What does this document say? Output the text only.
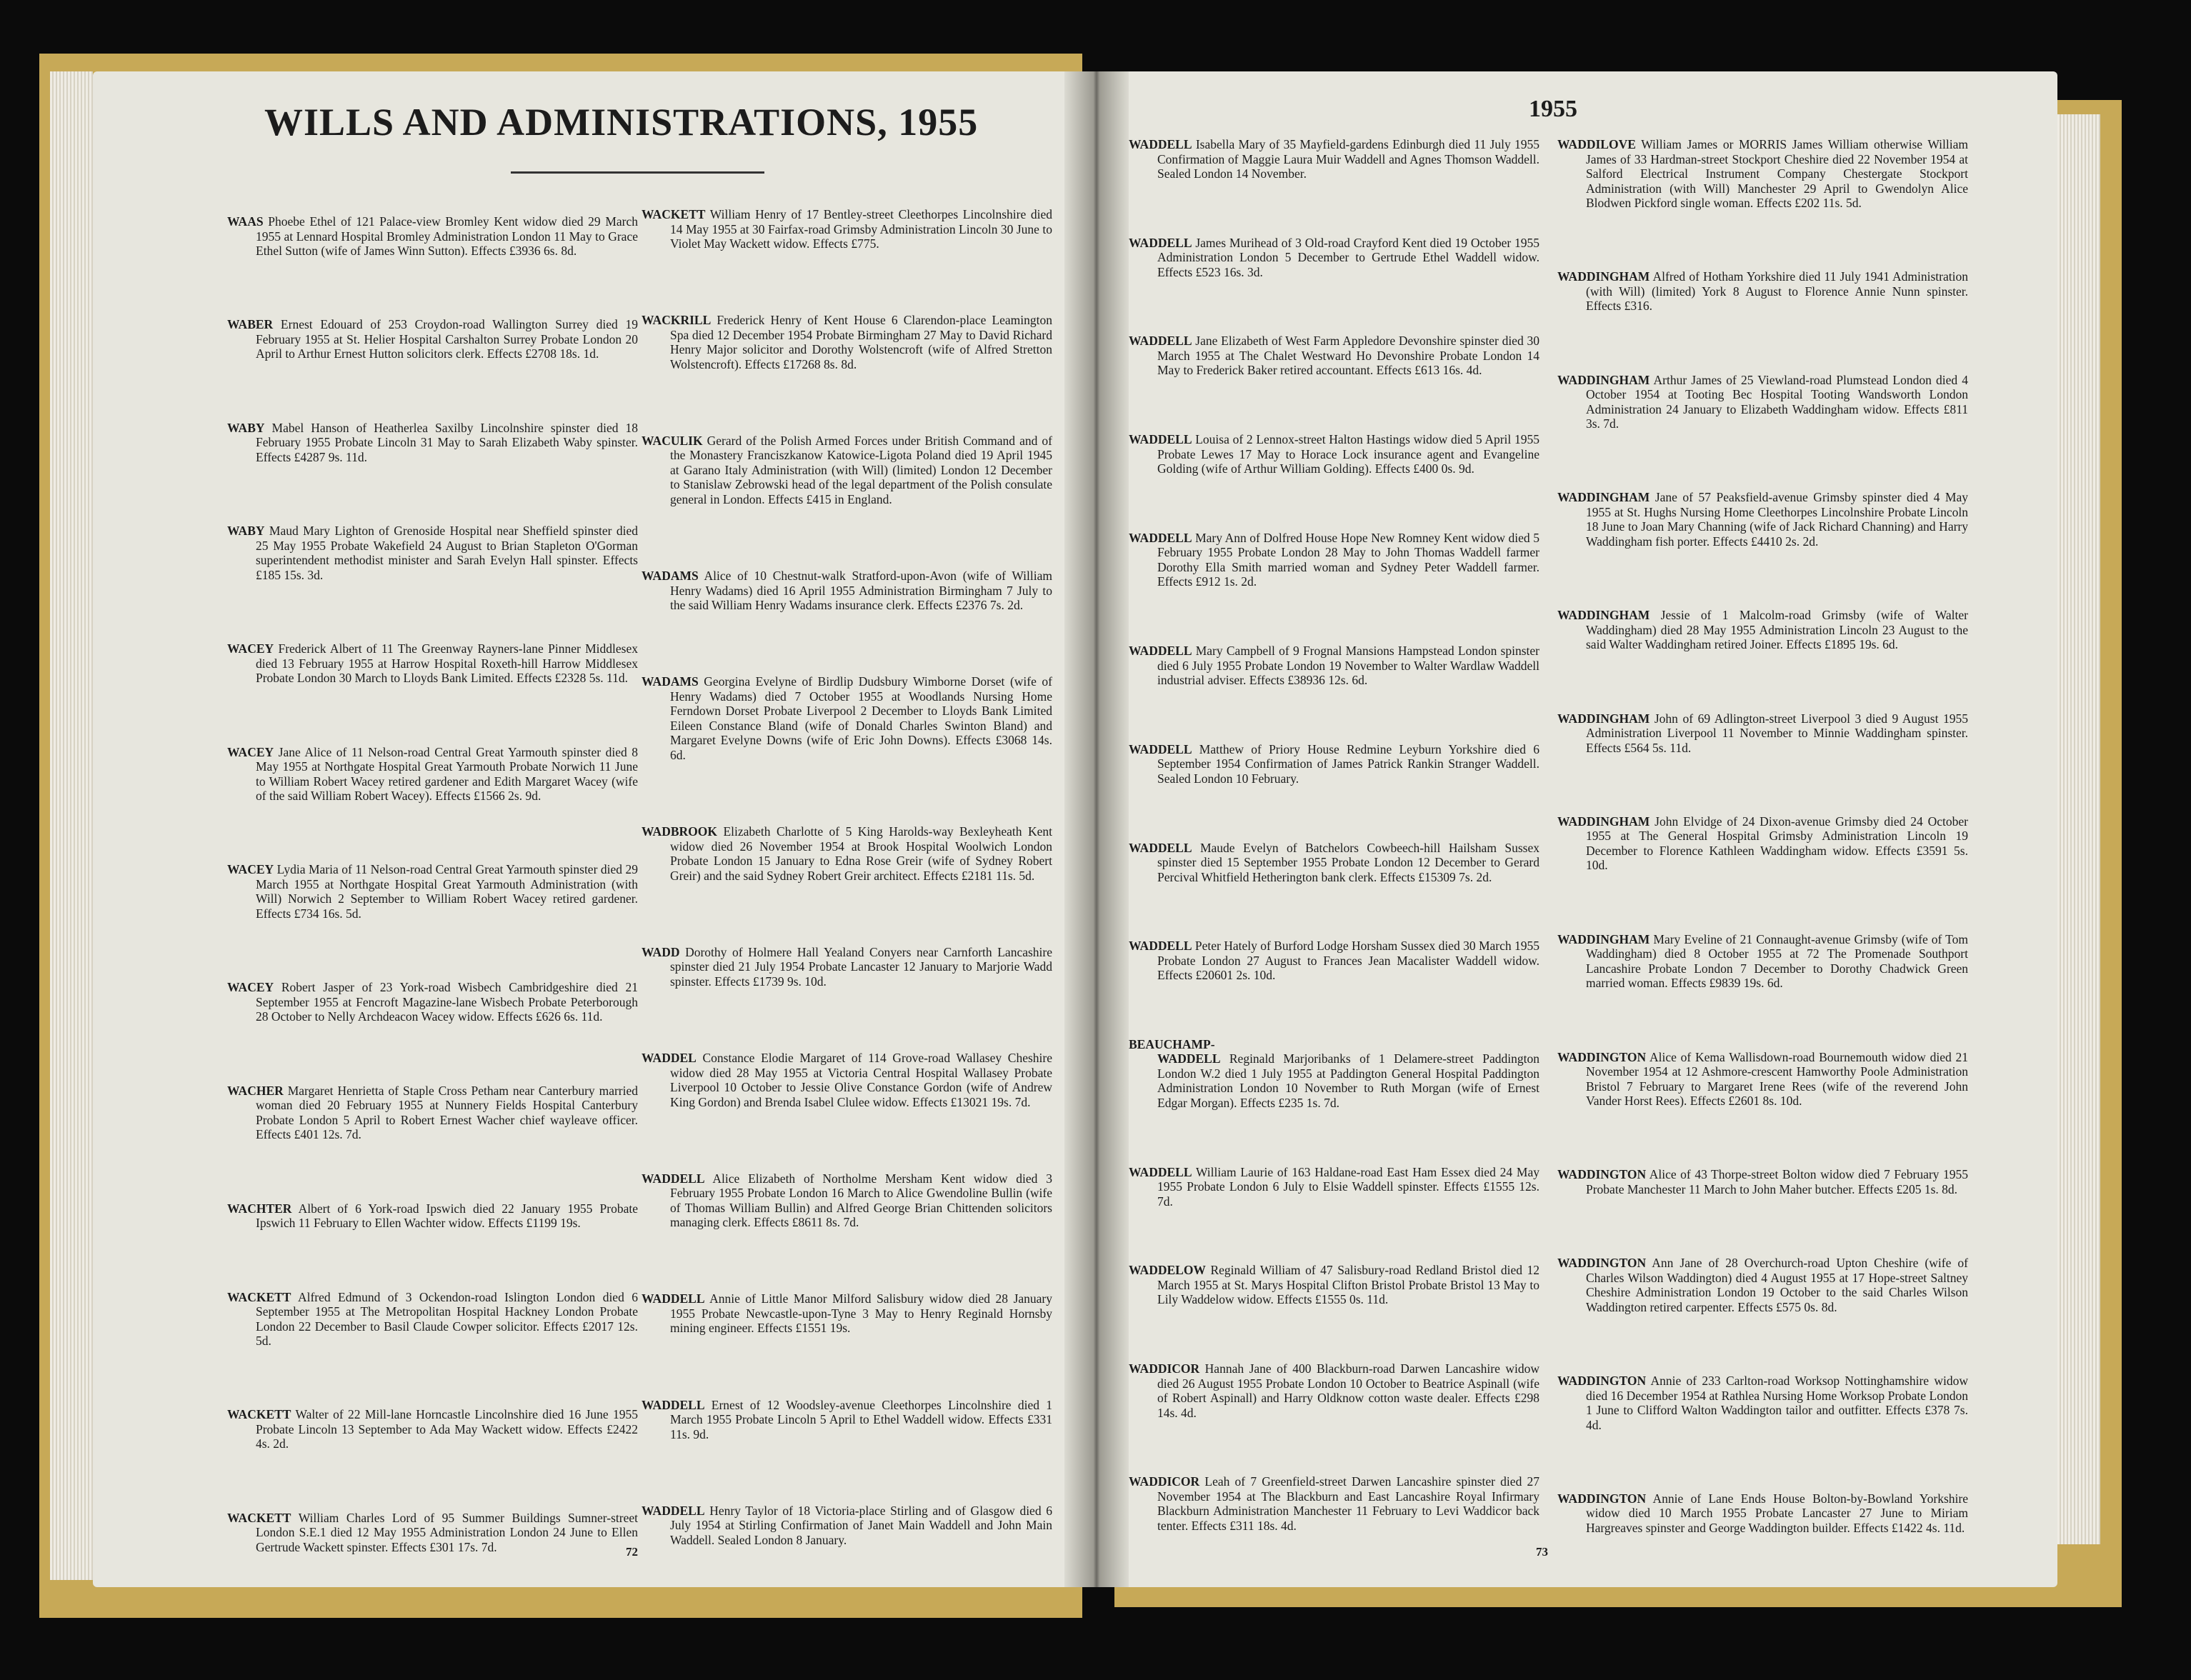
WILLS AND ADMINISTRATIONS, 1955	1955

WAAS Phoebe Ethel of 121 Palace-view Bromley Kent widow died 29 March 1955 at Lennard Hospital Bromley Administration London 11 May to Grace Ethel Sutton (wife of James Winn Sutton). Effects £3936 6s. 8d.

WABER Ernest Edouard of 253 Croydon-road Wallington Surrey died 19 February 1955 at St. Helier Hospital Carshalton Surrey Probate London 20 April to Arthur Ernest Hutton solicitors clerk. Effects £2708 18s. 1d.

WABY Mabel Hanson of Heatherlea Saxilby Lincolnshire spinster died 18 February 1955 Probate Lincoln 31 May to Sarah Elizabeth Waby spinster. Effects £4287 9s. 11d.

WABY Maud Mary Lighton of Grenoside Hospital near Sheffield spinster died 25 May 1955 Probate Wakefield 24 August to Brian Stapleton O'Gorman superintendent methodist minister and Sarah Evelyn Hall spinster. Effects £185 15s. 3d.

WACEY Frederick Albert of 11 The Greenway Rayners-lane Pinner Middlesex died 13 February 1955 at Harrow Hospital Roxeth-hill Harrow Middlesex Probate London 30 March to Lloyds Bank Limited. Effects £2328 5s. 11d.

WACEY Jane Alice of 11 Nelson-road Central Great Yarmouth spinster died 8 May 1955 at Northgate Hospital Great Yarmouth Probate Norwich 11 June to William Robert Wacey retired gardener and Edith Margaret Wacey (wife of the said William Robert Wacey). Effects £1566 2s. 9d.

WACEY Lydia Maria of 11 Nelson-road Central Great Yarmouth spinster died 29 March 1955 at Northgate Hospital Great Yarmouth Administration (with Will) Norwich 2 September to William Robert Wacey retired gardener. Effects £734 16s. 5d.

WACEY Robert Jasper of 23 York-road Wisbech Cambridgeshire died 21 September 1955 at Fencroft Magazine-lane Wisbech Probate Peterborough 28 October to Nelly Archdeacon Wacey widow. Effects £626 6s. 11d.

WACHER Margaret Henrietta of Staple Cross Petham near Canterbury married woman died 20 February 1955 at Nunnery Fields Hospital Canterbury Probate London 5 April to Robert Ernest Wacher chief wayleave officer. Effects £401 12s. 7d.

WACHTER Albert of 6 York-road Ipswich died 22 January 1955 Probate Ipswich 11 February to Ellen Wachter widow. Effects £1199 19s.

WACKETT Alfred Edmund of 3 Ockendon-road Islington London died 6 September 1955 at The Metropolitan Hospital Hackney London Probate London 22 December to Basil Claude Cowper solicitor. Effects £2017 12s. 5d.

WACKETT Walter of 22 Mill-lane Horncastle Lincolnshire died 16 June 1955 Probate Lincoln 13 September to Ada May Wackett widow. Effects £2422 4s. 2d.

WACKETT William Charles Lord of 95 Summer Buildings Sumner-street London S.E.1 died 12 May 1955 Administration London 24 June to Ellen Gertrude Wackett spinster. Effects £301 17s. 7d.

WACKETT William Henry of 17 Bentley-street Cleethorpes Lincolnshire died 14 May 1955 at 30 Fairfax-road Grimsby Administration Lincoln 30 June to Violet May Wackett widow. Effects £775.

WACKRILL Frederick Henry of Kent House 6 Clarendon-place Leamington Spa died 12 December 1954 Probate Birmingham 27 May to David Richard Henry Major solicitor and Dorothy Wolstencroft (wife of Alfred Stretton Wolstencroft). Effects £17268 8s. 8d.

WACULIK Gerard of the Polish Armed Forces under British Command and of the Monastery Franciszkanow Katowice-Ligota Poland died 19 April 1945 at Garano Italy Administration (with Will) (limited) London 12 December to Stanislaw Zebrowski head of the legal department of the Polish consulate general in London. Effects £415 in England.

WADAMS Alice of 10 Chestnut-walk Stratford-upon-Avon (wife of William Henry Wadams) died 16 April 1955 Administration Birmingham 7 July to the said William Henry Wadams insurance clerk. Effects £2376 7s. 2d.

WADAMS Georgina Evelyne of Birdlip Dudsbury Wimborne Dorset (wife of Henry Wadams) died 7 October 1955 at Woodlands Nursing Home Ferndown Dorset Probate Liverpool 2 December to Lloyds Bank Limited Eileen Constance Bland (wife of Donald Charles Swinton Bland) and Margaret Evelyne Downs (wife of Eric John Downs). Effects £3068 14s. 6d.

WADBROOK Elizabeth Charlotte of 5 King Harolds-way Bexleyheath Kent widow died 26 November 1954 at Brook Hospital Woolwich London Probate London 15 January to Edna Rose Greir (wife of Sydney Robert Greir) and the said Sydney Robert Greir architect. Effects £2181 11s. 5d.

WADD Dorothy of Holmere Hall Yealand Conyers near Carnforth Lancashire spinster died 21 July 1954 Probate Lancaster 12 January to Marjorie Wadd spinster. Effects £1739 9s. 10d.

WADDEL Constance Elodie Margaret of 114 Grove-road Wallasey Cheshire widow died 28 May 1955 at Victoria Central Hospital Wallasey Probate Liverpool 10 October to Jessie Olive Constance Gordon (wife of Andrew King Gordon) and Brenda Isabel Clulee widow. Effects £13021 19s. 7d.

WADDELL Alice Elizabeth of Northolme Mersham Kent widow died 3 February 1955 Probate London 16 March to Alice Gwendoline Bullin (wife of Thomas William Bullin) and Alfred George Brian Chittenden solicitors managing clerk. Effects £8611 8s. 7d.

WADDELL Annie of Little Manor Milford Salisbury widow died 28 January 1955 Probate Newcastle-upon-Tyne 3 May to Henry Reginald Hornsby mining engineer. Effects £1551 19s.

WADDELL Ernest of 12 Woodsley-avenue Cleethorpes Lincolnshire died 1 March 1955 Probate Lincoln 5 April to Ethel Waddell widow. Effects £331 11s. 9d.

WADDELL Henry Taylor of 18 Victoria-place Stirling and of Glasgow died 6 July 1954 at Stirling Confirmation of Janet Main Waddell and John Main Waddell. Sealed London 8 January.

WADDELL Isabella Mary of 35 Mayfield-gardens Edinburgh died 11 July 1955 Confirmation of Maggie Laura Muir Waddell and Agnes Thomson Waddell. Sealed London 14 November.

WADDELL James Murihead of 3 Old-road Crayford Kent died 19 October 1955 Administration London 5 December to Gertrude Ethel Waddell widow. Effects £523 16s. 3d.

WADDELL Jane Elizabeth of West Farm Appledore Devonshire spinster died 30 March 1955 at The Chalet Westward Ho Devonshire Probate London 14 May to Frederick Baker retired accountant. Effects £613 16s. 4d.

WADDELL Louisa of 2 Lennox-street Halton Hastings widow died 5 April 1955 Probate Lewes 17 May to Horace Lock insurance agent and Evangeline Golding (wife of Arthur William Golding). Effects £400 0s. 9d.

WADDELL Mary Ann of Dolfred House Hope New Romney Kent widow died 5 February 1955 Probate London 28 May to John Thomas Waddell farmer Dorothy Ella Smith married woman and Sydney Peter Waddell farmer. Effects £912 1s. 2d.

WADDELL Mary Campbell of 9 Frognal Mansions Hampstead London spinster died 6 July 1955 Probate London 19 November to Walter Wardlaw Waddell industrial adviser. Effects £38936 12s. 6d.

WADDELL Matthew of Priory House Redmine Leyburn Yorkshire died 6 September 1954 Confirmation of James Patrick Rankin Stranger Waddell. Sealed London 10 February.

WADDELL Maude Evelyn of Batchelors Cowbeech-hill Hailsham Sussex spinster died 15 September 1955 Probate London 12 December to Gerard Percival Whitfield Hetherington bank clerk. Effects £15309 7s. 2d.

WADDELL Peter Hately of Burford Lodge Horsham Sussex died 30 March 1955 Probate London 27 August to Frances Jean Macalister Waddell widow. Effects £20601 2s. 10d.

BEAUCHAMP-
WADDELL Reginald Marjoribanks of 1 Delamere-street Paddington London W.2 died 1 July 1955 at Paddington General Hospital Paddington Administration London 10 November to Ruth Morgan (wife of Ernest Edgar Morgan). Effects £235 1s. 7d.

WADDELL William Laurie of 163 Haldane-road East Ham Essex died 24 May 1955 Probate London 6 July to Elsie Waddell spinster. Effects £1555 12s. 7d.

WADDELOW Reginald William of 47 Salisbury-road Redland Bristol died 12 March 1955 at St. Marys Hospital Clifton Bristol Probate Bristol 13 May to Lily Waddelow widow. Effects £1555 0s. 11d.

WADDICOR Hannah Jane of 400 Blackburn-road Darwen Lancashire widow died 26 August 1955 Probate London 10 October to Beatrice Aspinall (wife of Robert Aspinall) and Harry Oldknow cotton waste dealer. Effects £298 14s. 4d.

WADDICOR Leah of 7 Greenfield-street Darwen Lancashire spinster died 27 November 1954 at The Blackburn and East Lancashire Royal Infirmary Blackburn Administration Manchester 11 February to Levi Waddicor back tenter. Effects £311 18s. 4d.

WADDILOVE William James or MORRIS James William otherwise William James of 33 Hardman-street Stockport Cheshire died 22 November 1954 at Salford Electrical Instrument Company Chestergate Stockport Administration (with Will) Manchester 29 April to Gwendolyn Alice Blodwen Pickford single woman. Effects £202 11s. 5d.

WADDINGHAM Alfred of Hotham Yorkshire died 11 July 1941 Administration (with Will) (limited) York 8 August to Florence Annie Nunn spinster. Effects £316.

WADDINGHAM Arthur James of 25 Viewland-road Plumstead London died 4 October 1954 at Tooting Bec Hospital Tooting Wandsworth London Administration 24 January to Elizabeth Waddingham widow. Effects £811 3s. 7d.

WADDINGHAM Jane of 57 Peaksfield-avenue Grimsby spinster died 4 May 1955 at St. Hughs Nursing Home Cleethorpes Lincolnshire Probate Lincoln 18 June to Joan Mary Channing (wife of Jack Richard Channing) and Harry Waddingham fish porter. Effects £4410 2s. 2d.

WADDINGHAM Jessie of 1 Malcolm-road Grimsby (wife of Walter Waddingham) died 28 May 1955 Administration Lincoln 23 August to the said Walter Waddingham retired Joiner. Effects £1895 19s. 6d.

WADDINGHAM John of 69 Adlington-street Liverpool 3 died 9 August 1955 Administration Liverpool 11 November to Minnie Waddingham spinster. Effects £564 5s. 11d.

WADDINGHAM John Elvidge of 24 Dixon-avenue Grimsby died 24 October 1955 at The General Hospital Grimsby Administration Lincoln 19 December to Florence Kathleen Waddingham widow. Effects £3591 5s. 10d.

WADDINGHAM Mary Eveline of 21 Connaught-avenue Grimsby (wife of Tom Waddingham) died 8 October 1955 at 72 The Promenade Southport Lancashire Probate London 7 December to Dorothy Chadwick Green married woman. Effects £9839 19s. 6d.

WADDINGTON Alice of Kema Wallisdown-road Bournemouth widow died 21 November 1954 at 12 Ashmore-crescent Hamworthy Poole Administration Bristol 7 February to Margaret Irene Rees (wife of the reverend John Vander Horst Rees). Effects £2601 8s. 10d.

WADDINGTON Alice of 43 Thorpe-street Bolton widow died 7 February 1955 Probate Manchester 11 March to John Maher butcher. Effects £205 1s. 8d.

WADDINGTON Ann Jane of 28 Overchurch-road Upton Cheshire (wife of Charles Wilson Waddington) died 4 August 1955 at 17 Hope-street Saltney Cheshire Administration London 19 October to the said Charles Wilson Waddington retired carpenter. Effects £575 0s. 8d.

WADDINGTON Annie of 233 Carlton-road Worksop Nottinghamshire widow died 16 December 1954 at Rathlea Nursing Home Worksop Probate London 1 June to Clifford Walton Waddington tailor and outfitter. Effects £378 7s. 4d.

WADDINGTON Annie of Lane Ends House Bolton-by-Bowland Yorkshire widow died 10 March 1955 Probate Lancaster 27 June to Miriam Hargreaves spinster and George Waddington builder. Effects £1422 4s. 11d.

72	73
